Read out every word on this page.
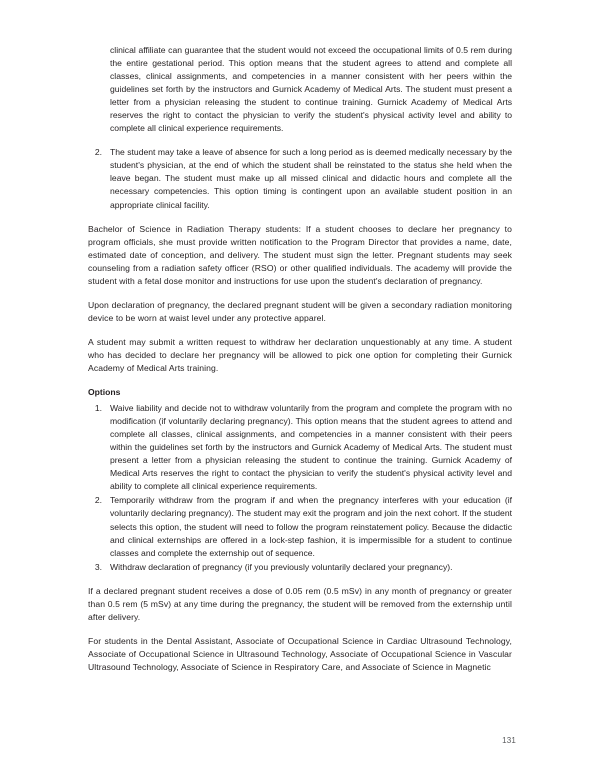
clinical affiliate can guarantee that the student would not exceed the occupational limits of 0.5 rem during the entire gestational period. This option means that the student agrees to attend and complete all classes, clinical assignments, and competencies in a manner consistent with her peers within the guidelines set forth by the instructors and Gurnick Academy of Medical Arts. The student must present a letter from a physician releasing the student to continue training. Gurnick Academy of Medical Arts reserves the right to contact the physician to verify the student's physical activity level and ability to complete all clinical experience requirements.

2. The student may take a leave of absence for such a long period as is deemed medically necessary by the student's physician, at the end of which the student shall be reinstated to the status she held when the leave began. The student must make up all missed clinical and didactic hours and complete all the necessary competencies. This option timing is contingent upon an available student position in an appropriate clinical facility.

Bachelor of Science in Radiation Therapy students: If a student chooses to declare her pregnancy to program officials, she must provide written notification to the Program Director that provides a name, date, estimated date of conception, and delivery. The student must sign the letter. Pregnant students may seek counseling from a radiation safety officer (RSO) or other qualified individuals. The academy will provide the student with a fetal dose monitor and instructions for use upon the student's declaration of pregnancy.

Upon declaration of pregnancy, the declared pregnant student will be given a secondary radiation monitoring device to be worn at waist level under any protective apparel.

A student may submit a written request to withdraw her declaration unquestionably at any time. A student who has decided to declare her pregnancy will be allowed to pick one option for completing their Gurnick Academy of Medical Arts training.

Options

1. Waive liability and decide not to withdraw voluntarily from the program and complete the program with no modification (if voluntarily declaring pregnancy). This option means that the student agrees to attend and complete all classes, clinical assignments, and competencies in a manner consistent with their peers within the guidelines set forth by the instructors and Gurnick Academy of Medical Arts. The student must present a letter from a physician releasing the student to continue the training. Gurnick Academy of Medical Arts reserves the right to contact the physician to verify the student's physical activity level and ability to complete all clinical experience requirements.
2. Temporarily withdraw from the program if and when the pregnancy interferes with your education (if voluntarily declaring pregnancy). The student may exit the program and join the next cohort. If the student selects this option, the student will need to follow the program reinstatement policy. Because the didactic and clinical externships are offered in a lock-step fashion, it is impermissible for a student to continue classes and complete the externship out of sequence.
3. Withdraw declaration of pregnancy (if you previously voluntarily declared your pregnancy).

If a declared pregnant student receives a dose of 0.05 rem (0.5 mSv) in any month of pregnancy or greater than 0.5 rem (5 mSv) at any time during the pregnancy, the student will be removed from the externship until after delivery.

For students in the Dental Assistant, Associate of Occupational Science in Cardiac Ultrasound Technology, Associate of Occupational Science in Ultrasound Technology, Associate of Occupational Science in Vascular Ultrasound Technology, Associate of Science in Respiratory Care, and Associate of Science in Magnetic

131
